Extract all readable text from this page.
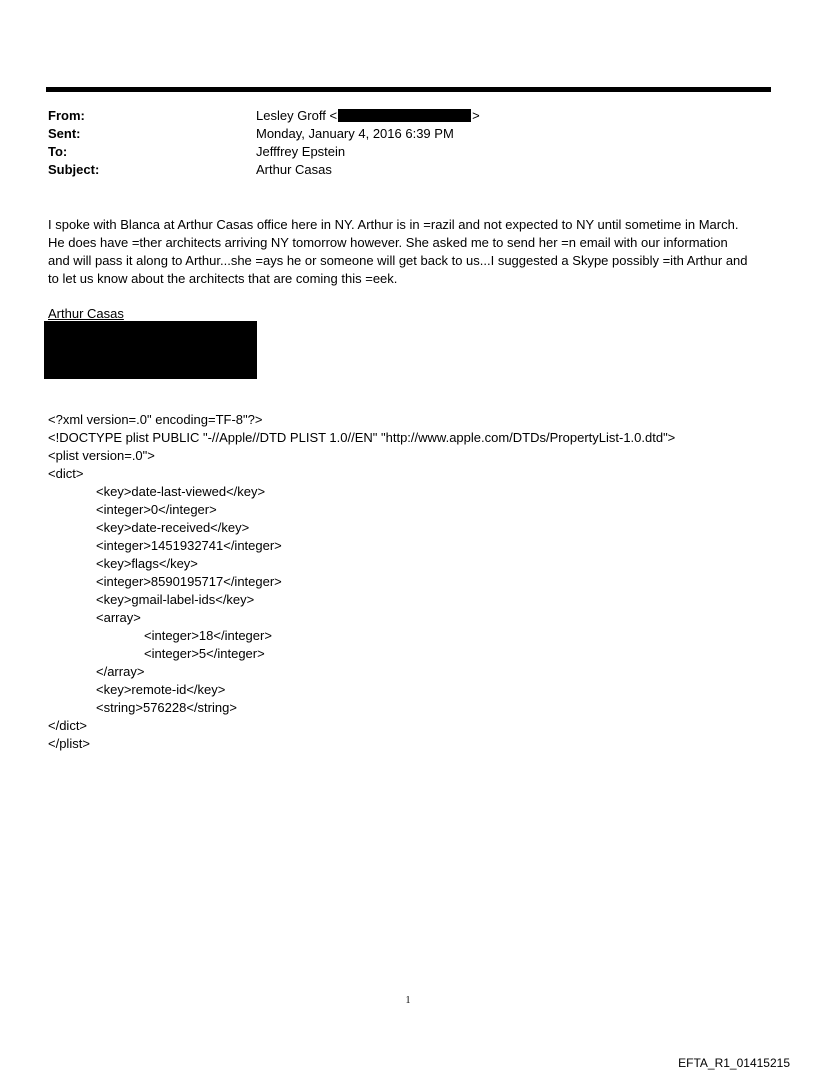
From:	Lesley Groff <	>
Sent:	Monday, January 4, 2016 6:39 PM
To:	Jefffrey Epstein
Subject:	Arthur Casas
I spoke with Blanca at Arthur Casas office here in NY. Arthur is in =razil and not expected to NY until sometime in March.
He does have =ther architects arriving NY tomorrow however. She asked me to send her =n email with our information
and will pass it along to Arthur...she =ays he or someone will get back to us...I suggested a Skype possibly =ith Arthur and
to let us know about the architects that are coming this =eek.
Arthur Casas
<?xml version=.0" encoding=TF-8"?>
<!DOCTYPE plist PUBLIC "-//Apple//DTD PLIST 1.0//EN" "http://www.apple.com/DTDs/PropertyList-1.0.dtd">
<plist version=.0">
<dict>
<key>date-last-viewed</key>
<integer>0</integer>
<key>date-received</key>
<integer>1451932741</integer>
<key>flags</key>
<integer>8590195717</integer>
<key>gmail-label-ids</key>
<array>
<integer>18</integer>
<integer>5</integer>
</array>
<key>remote-id</key>
<string>576228</string>
</dict>
</plist>
1
EFTA_R1_01415215
